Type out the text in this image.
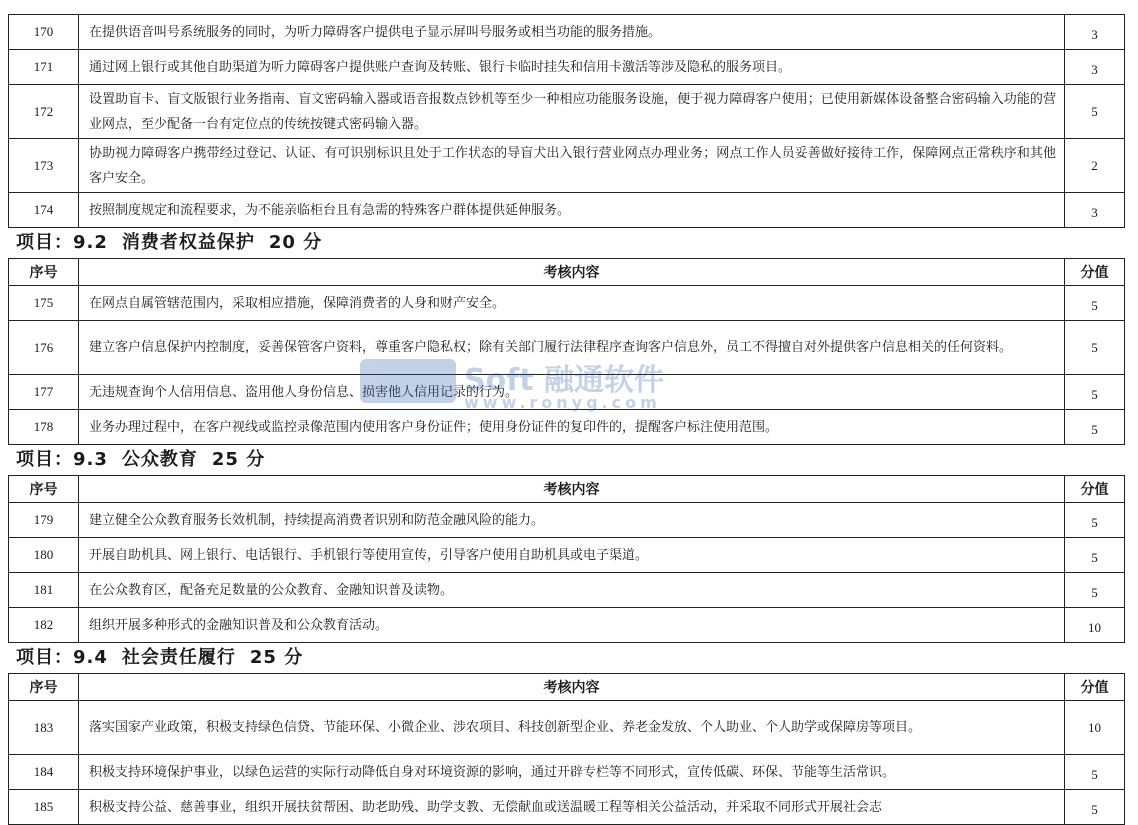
170	在提供语音叫号系统服务的同时，为听力障碍客户提供电子显示屏叫号服务或相当功能的服务措施。	3
171	通过网上银行或其他自助渠道为听力障碍客户提供账户查询及转账、银行卡临时挂失和信用卡激活等涉及隐私的服务项目。	3
172	设置助盲卡、盲文版银行业务指南、盲文密码输入器或语音报数点钞机等至少一种相应功能服务设施，便于视力障碍客户使用；已使用新媒体设备整合密码输入功能的营业网点，至少配备一台有定位点的传统按键式密码输入器。	5
173	协助视力障碍客户携带经过登记、认证、有可识别标识且处于工作状态的导盲犬出入银行营业网点办理业务；网点工作人员妥善做好接待工作，保障网点正常秩序和其他客户安全。	2
174	按照制度规定和流程要求，为不能亲临柜台且有急需的特殊客户群体提供延伸服务。	3
项目：9.2 消费者权益保护 20 分
序号	考核内容	分值
175	在网点自属管辖范围内，采取相应措施，保障消费者的人身和财产安全。	5
176	建立客户信息保护内控制度，妥善保管客户资料，尊重客户隐私权；除有关部门履行法律程序查询客户信息外，员工不得擅自对外提供客户信息相关的任何资料。	5
177	无违规查询个人信用信息、盗用他人身份信息、损害他人信用记录的行为。	5
178	业务办理过程中，在客户视线或监控录像范围内使用客户身份证件；使用身份证件的复印件的，提醒客户标注使用范围。	5
项目：9.3 公众教育 25 分
序号	考核内容	分值
179	建立健全公众教育服务长效机制，持续提高消费者识别和防范金融风险的能力。	5
180	开展自助机具、网上银行、电话银行、手机银行等使用宣传，引导客户使用自助机具或电子渠道。	5
181	在公众教育区，配备充足数量的公众教育、金融知识普及读物。	5
182	组织开展多种形式的金融知识普及和公众教育活动。	10
项目：9.4 社会责任履行 25 分
序号	考核内容	分值
183	落实国家产业政策，积极支持绿色信贷、节能环保、小微企业、涉农项目、科技创新型企业、养老金发放、个人助业、个人助学或保障房等项目。	10
184	积极支持环境保护事业，以绿色运营的实际行动降低自身对环境资源的影响，通过开辟专栏等不同形式，宣传低碳、环保、节能等生活常识。	5
185	积极支持公益、慈善事业，组织开展扶贫帮困、助老助残、助学支教、无偿献血或送温暖工程等相关公益活动，并采取不同形式开展社会志	5
Soft 融通软件
www.ronyg.com
